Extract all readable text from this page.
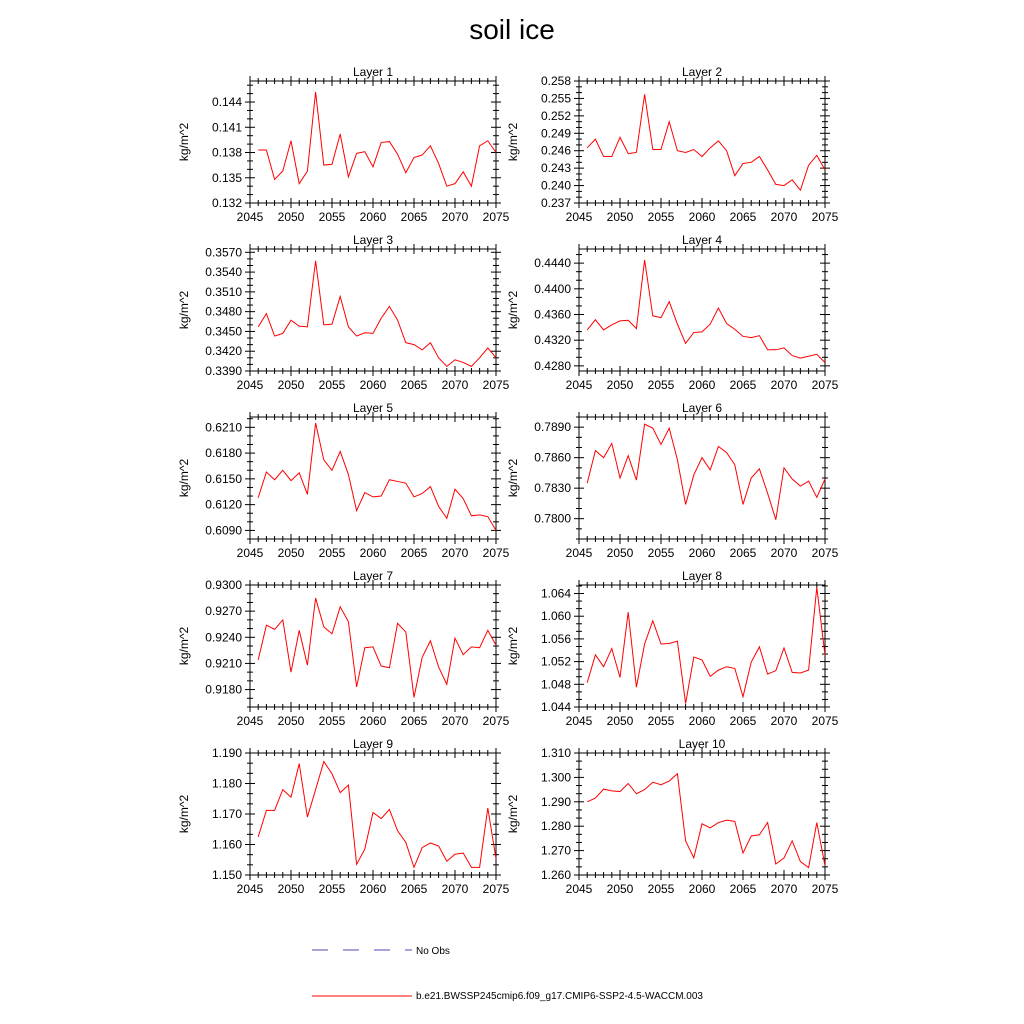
soil ice
Layer 1
2045 2050 2055 2060 2065 2070 2075
0.132
0.135
0.138
0.141
0.144
kg/m^2
Layer 2
2045 2050 2055 2060 2065 2070 2075
0.237
0.240
0.243
0.246
0.249
0.252
0.255
0.258
kg/m^2
Layer 3
2045 2050 2055 2060 2065 2070 2075
0.3390
0.3420
0.3450
0.3480
0.3510
0.3540
0.3570
kg/m^2
Layer 4
2045 2050 2055 2060 2065 2070 2075
0.4280
0.4320
0.4360
0.4400
0.4440
kg/m^2
Layer 5
2045 2050 2055 2060 2065 2070 2075
0.6090
0.6120
0.6150
0.6180
0.6210
kg/m^2
Layer 6
2045 2050 2055 2060 2065 2070 2075
0.7800
0.7830
0.7860
0.7890
kg/m^2
Layer 7
2045 2050 2055 2060 2065 2070 2075
0.9180
0.9210
0.9240
0.9270
0.9300
kg/m^2
Layer 8
2045 2050 2055 2060 2065 2070 2075
1.044
1.048
1.052
1.056
1.060
1.064
kg/m^2
Layer 9
2045 2050 2055 2060 2065 2070 2075
1.150
1.160
1.170
1.180
1.190
kg/m^2
Layer 10
2045 2050 2055 2060 2065 2070 2075
1.260
1.270
1.280
1.290
1.300
1.310
kg/m^2
No Obs
b.e21.BWSSP245cmip6.f09_g17.CMIP6-SSP2-4.5-WACCM.003
